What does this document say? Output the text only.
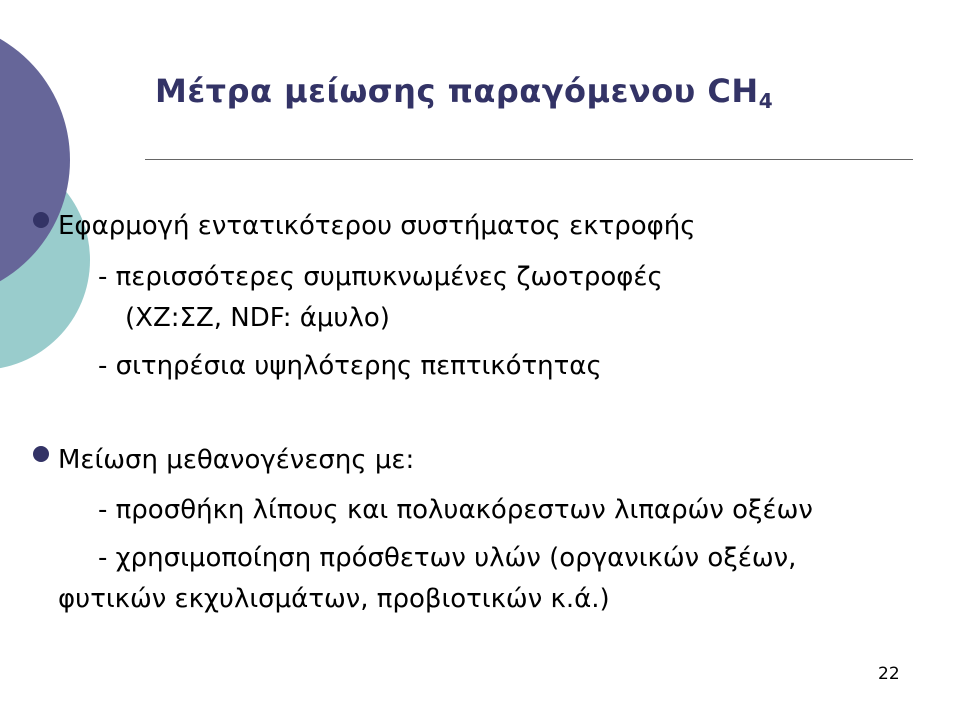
Μέτρα μείωσης παραγόμενου $CH_4$
Εφαρμογή εντατικότερου συστήματος εκτροφής
- περισσότερες συμπυκνωμένες ζωοτροφές
(ΧΖ:ΣΖ, NDF: άμυλο)
- σιτηρέσια υψηλότερης πεπτικότητας
Μείωση μεθανογένεσης με:
- προσθήκη λίπους και πολυακόρεστων λιπαρών οξέων
- χρησιμοποίηση πρόσθετων υλών (οργανικών οξέων,
φυτικών εκχυλισμάτων, προβιοτικών κ.ά.)
22
